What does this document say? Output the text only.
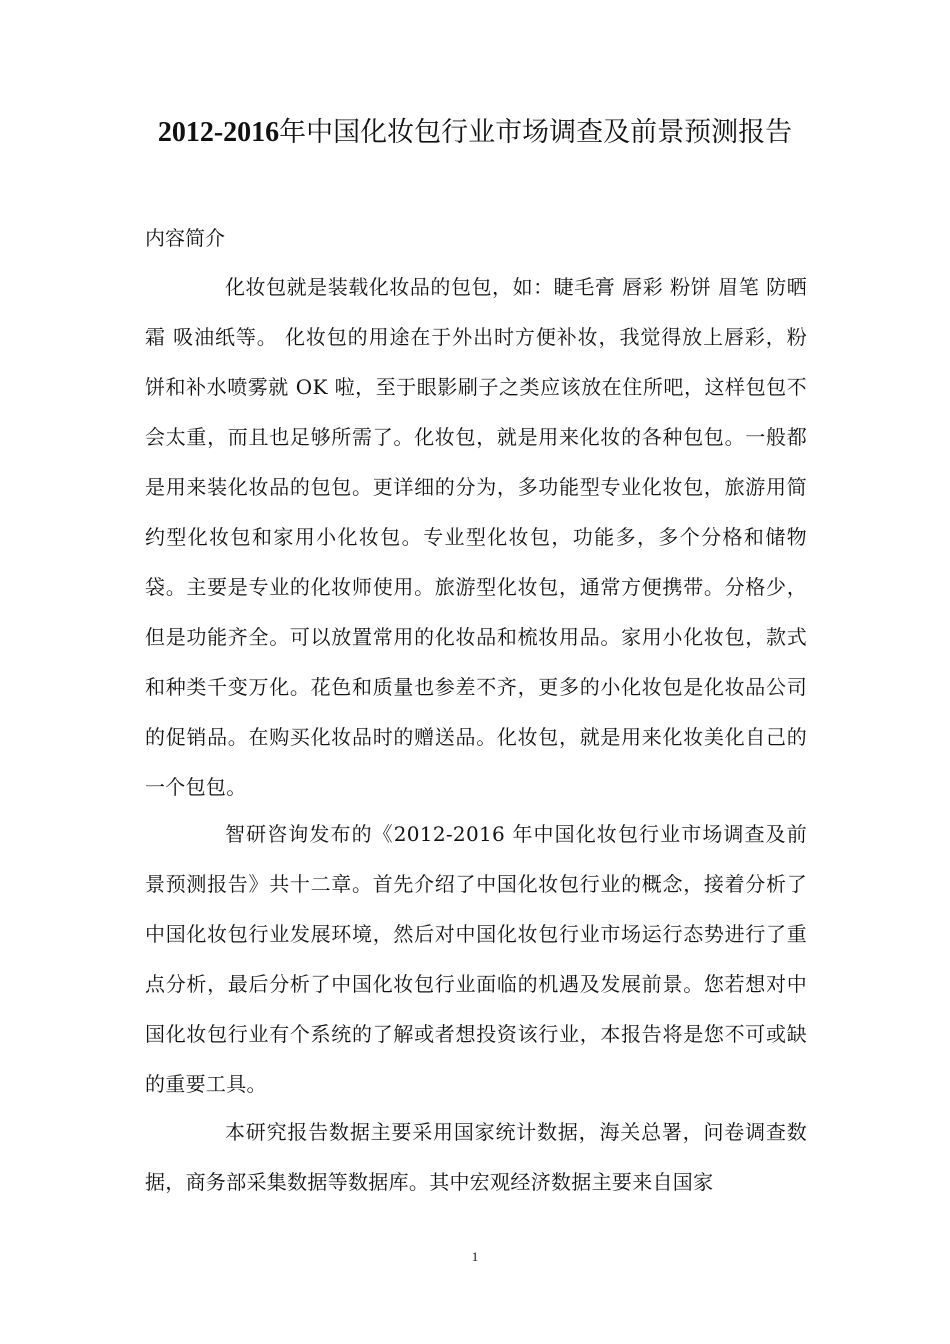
2012-2016年中国化妆包行业市场调查及前景预测报告
内容简介

化妆包就是装载化妆品的包包，如：睫毛膏 唇彩 粉饼 眉笔 防晒霜 吸油纸等。 化妆包的用途在于外出时方便补妆，我觉得放上唇彩，粉饼和补水喷雾就 OK 啦，至于眼影刷子之类应该放在住所吧，这样包包不会太重，而且也足够所需了。化妆包，就是用来化妆的各种包包。一般都是用来装化妆品的包包。更详细的分为，多功能型专业化妆包，旅游用简约型化妆包和家用小化妆包。专业型化妆包，功能多，多个分格和储物袋。主要是专业的化妆师使用。旅游型化妆包，通常方便携带。分格少，但是功能齐全。可以放置常用的化妆品和梳妆用品。家用小化妆包，款式和种类千变万化。花色和质量也参差不齐，更多的小化妆包是化妆品公司的促销品。在购买化妆品时的赠送品。化妆包，就是用来化妆美化自己的一个包包。

智研咨询发布的《2012-2016 年中国化妆包行业市场调查及前景预测报告》共十二章。首先介绍了中国化妆包行业的概念，接着分析了中国化妆包行业发展环境，然后对中国化妆包行业市场运行态势进行了重点分析，最后分析了中国化妆包行业面临的机遇及发展前景。您若想对中国化妆包行业有个系统的了解或者想投资该行业，本报告将是您不可或缺的重要工具。

本研究报告数据主要采用国家统计数据，海关总署，问卷调查数据，商务部采集数据等数据库。其中宏观经济数据主要来自国家

1
